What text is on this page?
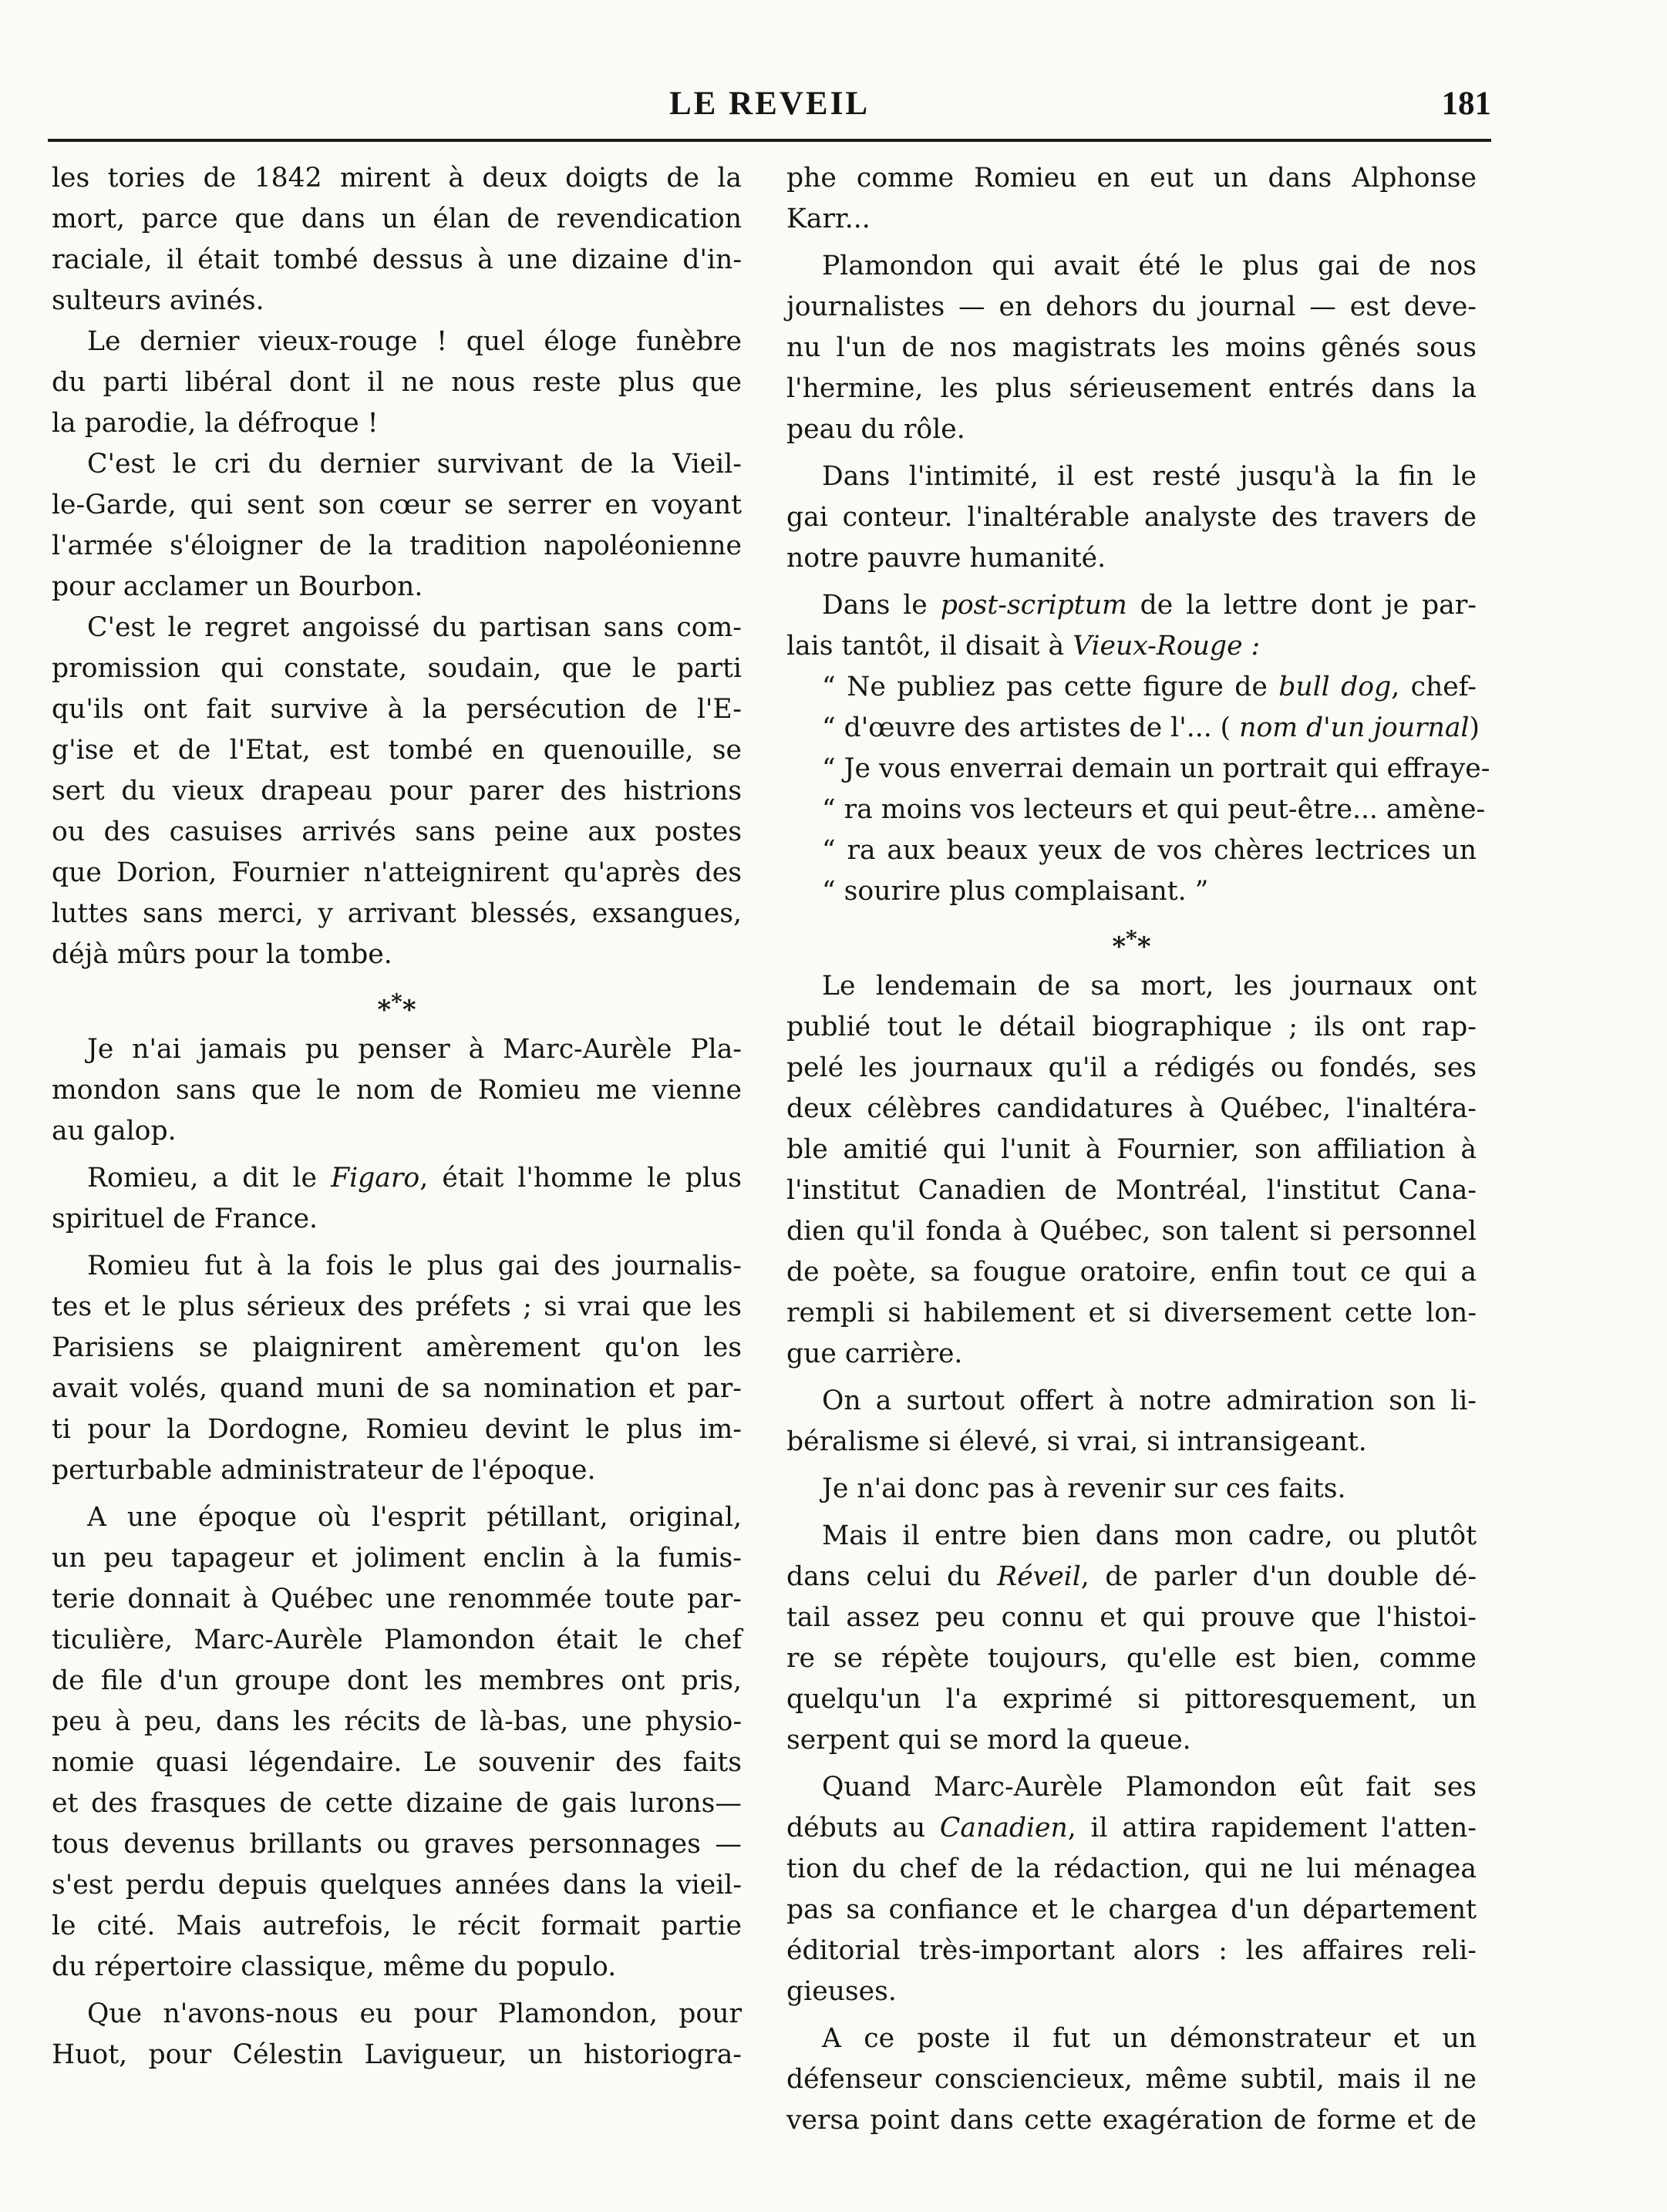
LE REVEIL	181
les tories de 1842 mirent à deux doigts de la
mort, parce que dans un élan de revendication
raciale, il était tombé dessus à une dizaine d'in-
sulteurs avinés.
Le dernier vieux-rouge ! quel éloge funèbre
du parti libéral dont il ne nous reste plus que
la parodie, la défroque !
C'est le cri du dernier survivant de la Vieil-
le-Garde, qui sent son cœur se serrer en voyant
l'armée s'éloigner de la tradition napoléonienne
pour acclamer un Bourbon.
C'est le regret angoissé du partisan sans com-
promission qui constate, soudain, que le parti
qu'ils ont fait survive à la persécution de l'E-
g'ise et de l'Etat, est tombé en quenouille, se
sert du vieux drapeau pour parer des histrions
ou des casuises arrivés sans peine aux postes
que Dorion, Fournier n'atteignirent qu'après des
luttes sans merci, y arrivant blessés, exsangues,
déjà mûrs pour la tombe.
***
Je n'ai jamais pu penser à Marc-Aurèle Pla-
mondon sans que le nom de Romieu me vienne
au galop.
Romieu, a dit le Figaro, était l'homme le plus
spirituel de France.
Romieu fut à la fois le plus gai des journalis-
tes et le plus sérieux des préfets ; si vrai que les
Parisiens se plaignirent amèrement qu'on les
avait volés, quand muni de sa nomination et par-
ti pour la Dordogne, Romieu devint le plus im-
perturbable administrateur de l'époque.
A une époque où l'esprit pétillant, original,
un peu tapageur et joliment enclin à la fumis-
terie donnait à Québec une renommée toute par-
ticulière, Marc-Aurèle Plamondon était le chef
de file d'un groupe dont les membres ont pris,
peu à peu, dans les récits de là-bas, une physio-
nomie quasi légendaire. Le souvenir des faits
et des frasques de cette dizaine de gais lurons—
tous devenus brillants ou graves personnages —
s'est perdu depuis quelques années dans la vieil-
le cité. Mais autrefois, le récit formait partie
du répertoire classique, même du populo.
Que n'avons-nous eu pour Plamondon, pour
Huot, pour Célestin Lavigueur, un historiogra-
phe comme Romieu en eut un dans Alphonse
Karr...
Plamondon qui avait été le plus gai de nos
journalistes — en dehors du journal — est deve-
nu l'un de nos magistrats les moins gênés sous
l'hermine, les plus sérieusement entrés dans la
peau du rôle.
Dans l'intimité, il est resté jusqu'à la fin le
gai conteur. l'inaltérable analyste des travers de
notre pauvre humanité.
Dans le post-scriptum de la lettre dont je par-
lais tantôt, il disait à Vieux-Rouge :
“ Ne publiez pas cette figure de bull dog, chef-
“ d'œuvre des artistes de l'... ( nom d'un journal)
“ Je vous enverrai demain un portrait qui effraye-
“ ra moins vos lecteurs et qui peut-être... amène-
“ ra aux beaux yeux de vos chères lectrices un
“ sourire plus complaisant. ”
***
Le lendemain de sa mort, les journaux ont
publié tout le détail biographique ; ils ont rap-
pelé les journaux qu'il a rédigés ou fondés, ses
deux célèbres candidatures à Québec, l'inaltéra-
ble amitié qui l'unit à Fournier, son affiliation à
l'institut Canadien de Montréal, l'institut Cana-
dien qu'il fonda à Québec, son talent si personnel
de poète, sa fougue oratoire, enfin tout ce qui a
rempli si habilement et si diversement cette lon-
gue carrière.
On a surtout offert à notre admiration son li-
béralisme si élevé, si vrai, si intransigeant.
Je n'ai donc pas à revenir sur ces faits.
Mais il entre bien dans mon cadre, ou plutôt
dans celui du Réveil, de parler d'un double dé-
tail assez peu connu et qui prouve que l'histoi-
re se répète toujours, qu'elle est bien, comme
quelqu'un l'a exprimé si pittoresquement, un
serpent qui se mord la queue.
Quand Marc-Aurèle Plamondon eût fait ses
débuts au Canadien, il attira rapidement l'atten-
tion du chef de la rédaction, qui ne lui ménagea
pas sa confiance et le chargea d'un département
éditorial très-important alors : les affaires reli-
gieuses.
A ce poste il fut un démonstrateur et un
défenseur consciencieux, même subtil, mais il ne
versa point dans cette exagération de forme et de
